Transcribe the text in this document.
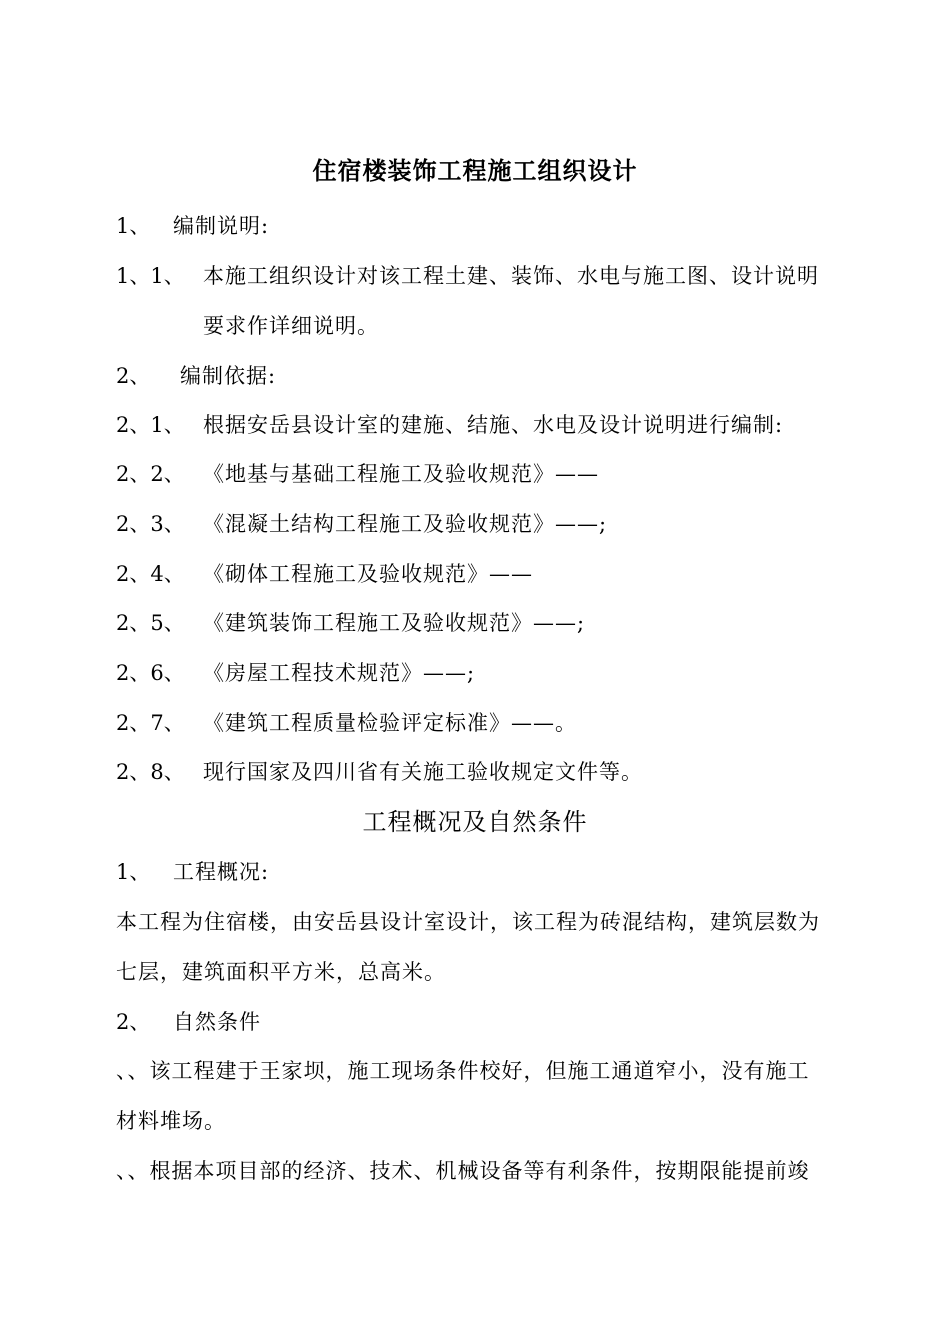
住宿楼装饰工程施工组织设计
1、 编制说明:
1、1、 本施工组织设计对该工程土建、装饰、水电与施工图、设计说明
要求作详细说明。
2、 编制依据:
2、1、 根据安岳县设计室的建施、结施、水电及设计说明进行编制:
2、2、 《地基与基础工程施工及验收规范》——
2、3、 《混凝土结构工程施工及验收规范》——;
2、4、 《砌体工程施工及验收规范》——
2、5、 《建筑装饰工程施工及验收规范》——;
2、6、 《房屋工程技术规范》——;
2、7、 《建筑工程质量检验评定标准》——。
2、8、 现行国家及四川省有关施工验收规定文件等。
工程概况及自然条件
1、 工程概况:
本工程为住宿楼，由安岳县设计室设计，该工程为砖混结构，建筑层数为
七层，建筑面积平方米，总高米。
2、 自然条件
、、该工程建于王家坝，施工现场条件校好，但施工通道窄小，没有施工
材料堆场。
、、根据本项目部的经济、技术、机械设备等有利条件，按期限能提前竣
